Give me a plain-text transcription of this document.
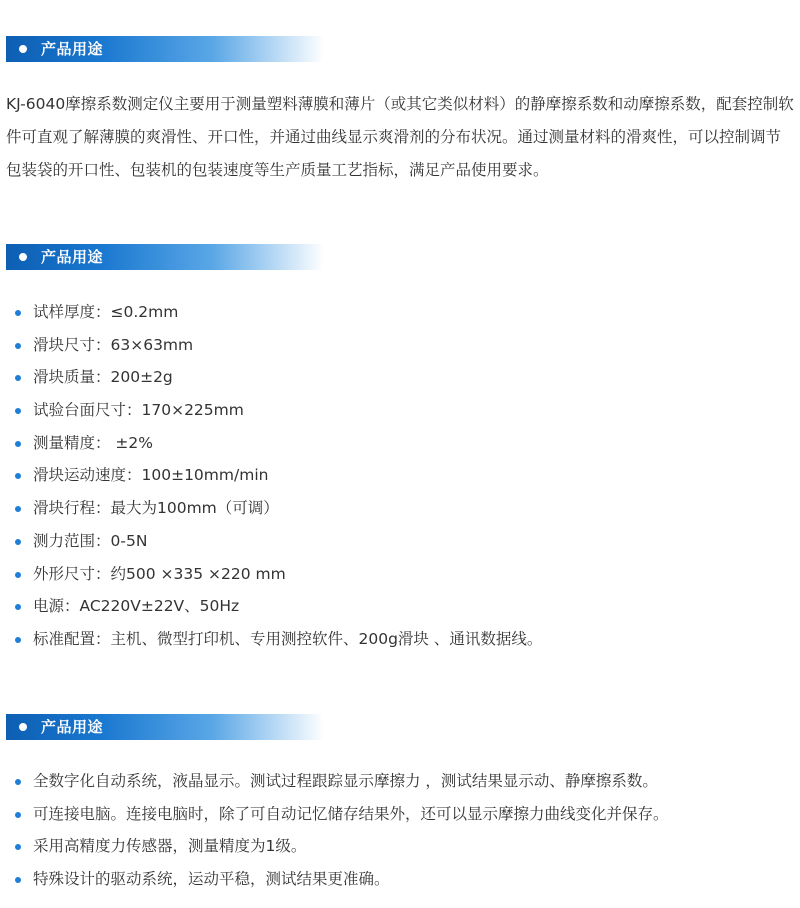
产品用途

KJ-6040摩擦系数测定仪主要用于测量塑料薄膜和薄片（或其它类似材料）的静摩擦系数和动摩擦系数，配套控制软件可直观了解薄膜的爽滑性、开口性，并通过曲线显示爽滑剂的分布状况。通过测量材料的滑爽性，可以控制调节包装袋的开口性、包装机的包装速度等生产质量工艺指标，满足产品使用要求。

产品用途
试样厚度：≤0.2mm
滑块尺寸：63×63mm
滑块质量：200±2g
试验台面尺寸：170×225mm
测量精度： ±2%
滑块运动速度：100±10mm/min
滑块行程：最大为100mm（可调）
测力范围：0-5N
外形尺寸：约500 ×335 ×220 mm
电源：AC220V±22V、50Hz
标准配置：主机、微型打印机、专用测控软件、200g滑块 、通讯数据线。
产品用途
全数字化自动系统，液晶显示。测试过程跟踪显示摩擦力 ，测试结果显示动、静摩擦系数。
可连接电脑。连接电脑时，除了可自动记忆储存结果外，还可以显示摩擦力曲线变化并保存。
采用高精度力传感器，测量精度为1级。
特殊设计的驱动系统，运动平稳，测试结果更准确。
